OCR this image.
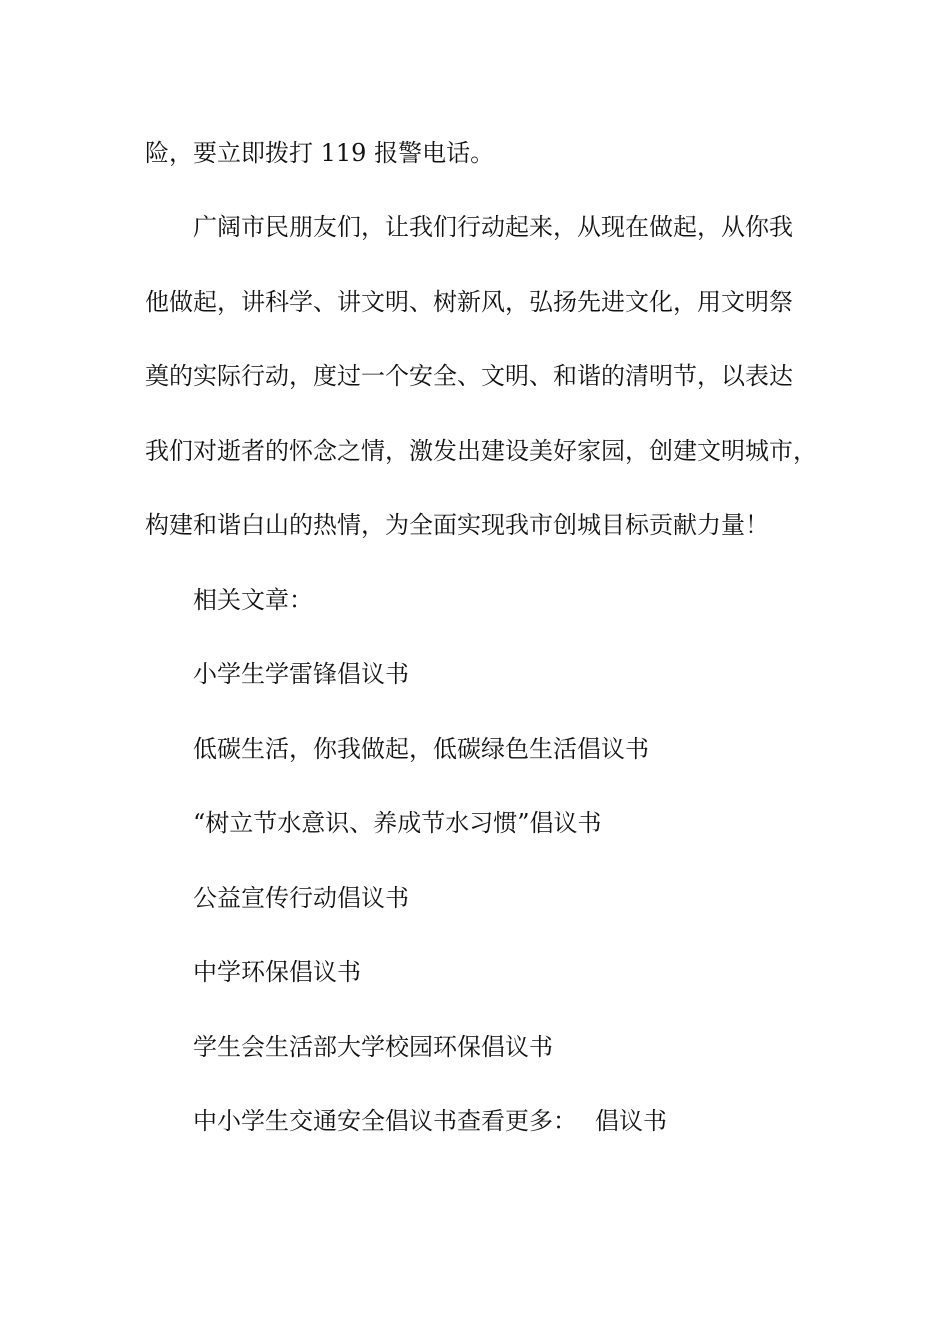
险，要立即拨打 119 报警电话。
广阔市民朋友们，让我们行动起来，从现在做起，从你我
他做起，讲科学、讲文明、树新风，弘扬先进文化，用文明祭
奠的实际行动，度过一个安全、文明、和谐的清明节，以表达
我们对逝者的怀念之情，激发出建设美好家园，创建文明城市，
构建和谐白山的热情，为全面实现我市创城目标贡献力量！
相关文章：
小学生学雷锋倡议书
低碳生活，你我做起，低碳绿色生活倡议书
“树立节水意识、养成节水习惯”倡议书
公益宣传行动倡议书
中学环保倡议书
学生会生活部大学校园环保倡议书
中小学生交通安全倡议书查看更多： 倡议书
